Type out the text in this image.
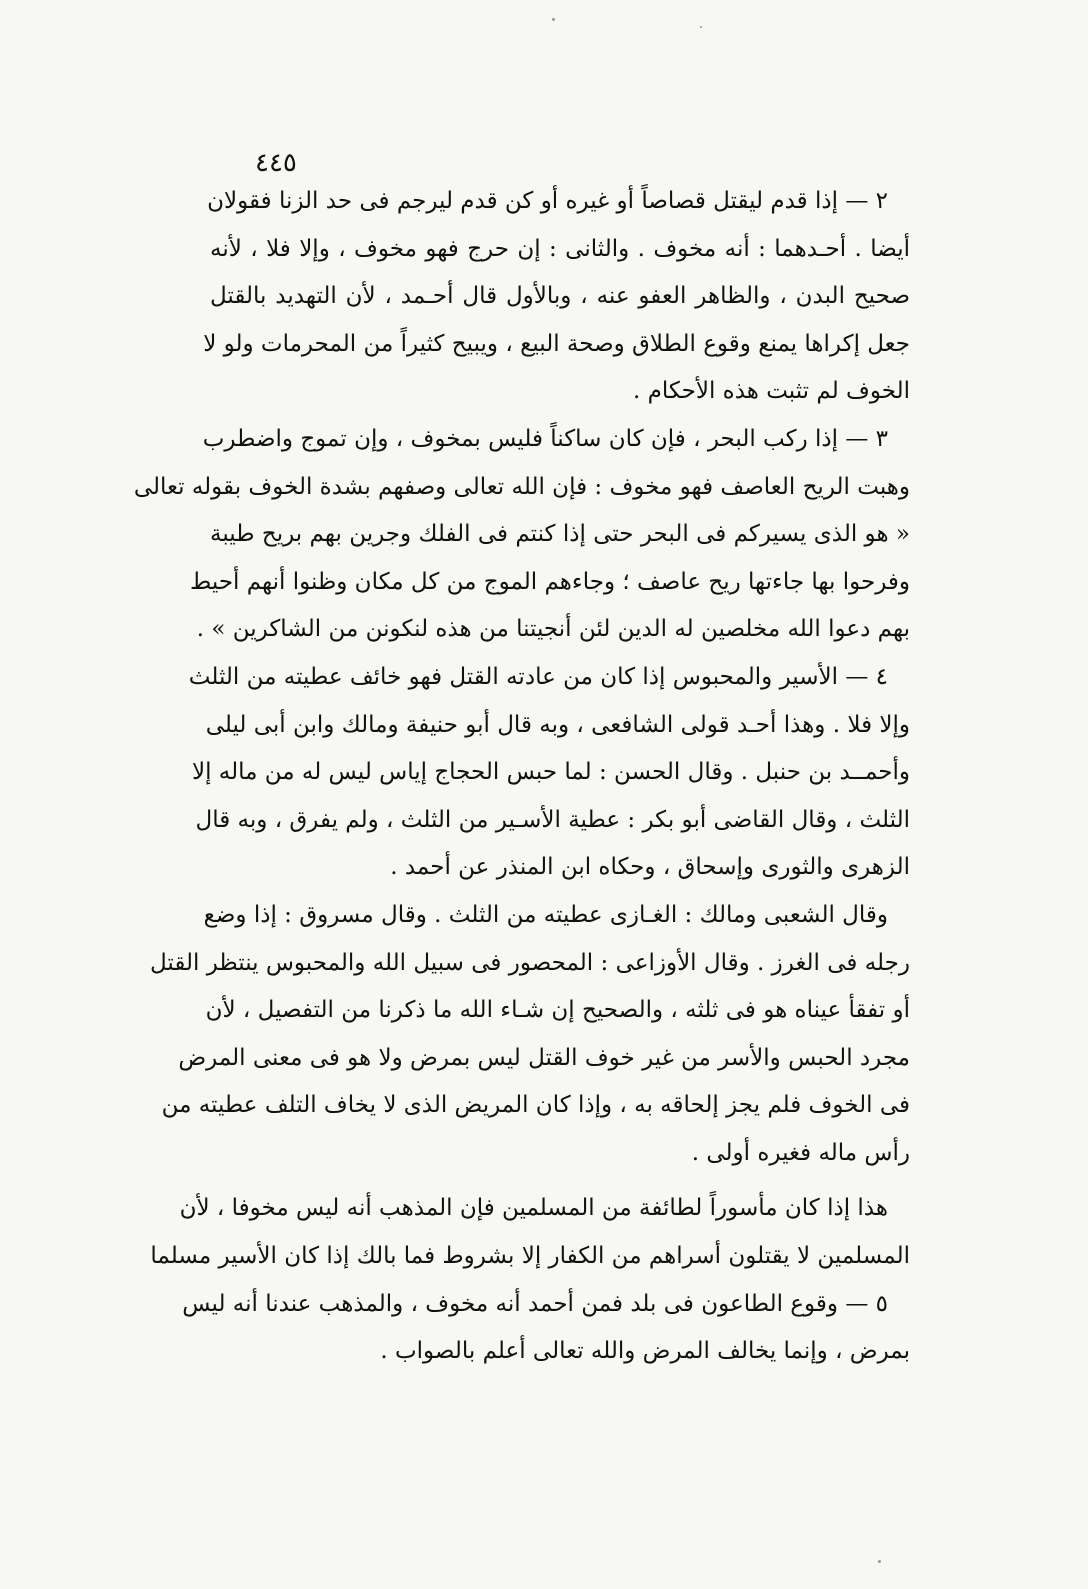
٤٤٥

٢ — إذا قدم ليقتل قصاصاً أو غيره أو كن قدم ليرجم فى حد الزنا فقولان
أيضا . أحـدهما : أنه مخوف . والثانى : إن حرج فهو مخوف ، وإلا فلا ، لأنه
صحيح البدن ، والظاهر العفو عنه ، وبالأول قال أحـمد ، لأن التهديد بالقتل
جعل إكراها يمنع وقوع الطلاق وصحة البيع ، ويبيح كثيراً من المحرمات ولو لا
الخوف لم تثبت هذه الأحكام .

٣ — إذا ركب البحر ، فإن كان ساكناً فليس بمخوف ، وإن تموج واضطرب
وهبت الريح العاصف فهو مخوف : فإن الله تعالى وصفهم بشدة الخوف بقوله تعالى
« هو الذى يسيركم فى البحر حتى إذا كنتم فى الفلك وجرين بهم بريح طيبة
وفرحوا بها جاءتها ريح عاصف ؛ وجاءهم الموج من كل مكان وظنوا أنهم أحيط
بهم دعوا الله مخلصين له الدين لئن أنجيتنا من هذه لنكونن من الشاكرين » .

٤ — الأسير والمحبوس إذا كان من عادته القتل فهو خائف عطيته من الثلث
وإلا فلا . وهذا أحـد قولى الشافعى ، وبه قال أبو حنيفة ومالك وابن أبى ليلى
وأحمــد بن حنبل . وقال الحسن : لما حبس الحجاج إياس ليس له من ماله إلا
الثلث ، وقال القاضى أبو بكر : عطية الأسـير من الثلث ، ولم يفرق ، وبه قال
الزهرى والثورى وإسحاق ، وحكاه ابن المنذر عن أحمد .

وقال الشعبى ومالك : الغـازى عطيته من الثلث . وقال مسروق : إذا وضع
رجله فى الغرز . وقال الأوزاعى : المحصور فى سبيل الله والمحبوس ينتظر القتل
أو تفقأ عيناه هو فى ثلثه ، والصحيح إن شـاء الله ما ذكرنا من التفصيل ، لأن
مجرد الحبس والأسر من غير خوف القتل ليس بمرض ولا هو فى معنى المرض
فى الخوف فلم يجز إلحاقه به ، وإذا كان المريض الذى لا يخاف التلف عطيته من
رأس ماله فغيره أولى .

هذا إذا كان مأسوراً لطائفة من المسلمين فإن المذهب أنه ليس مخوفا ، لأن
المسلمين لا يقتلون أسراهم من الكفار إلا بشروط فما بالك إذا كان الأسير مسلما

٥ — وقوع الطاعون فى بلد فمن أحمد أنه مخوف ، والمذهب عندنا أنه ليس
بمرض ، وإنما يخالف المرض والله تعالى أعلم بالصواب .
